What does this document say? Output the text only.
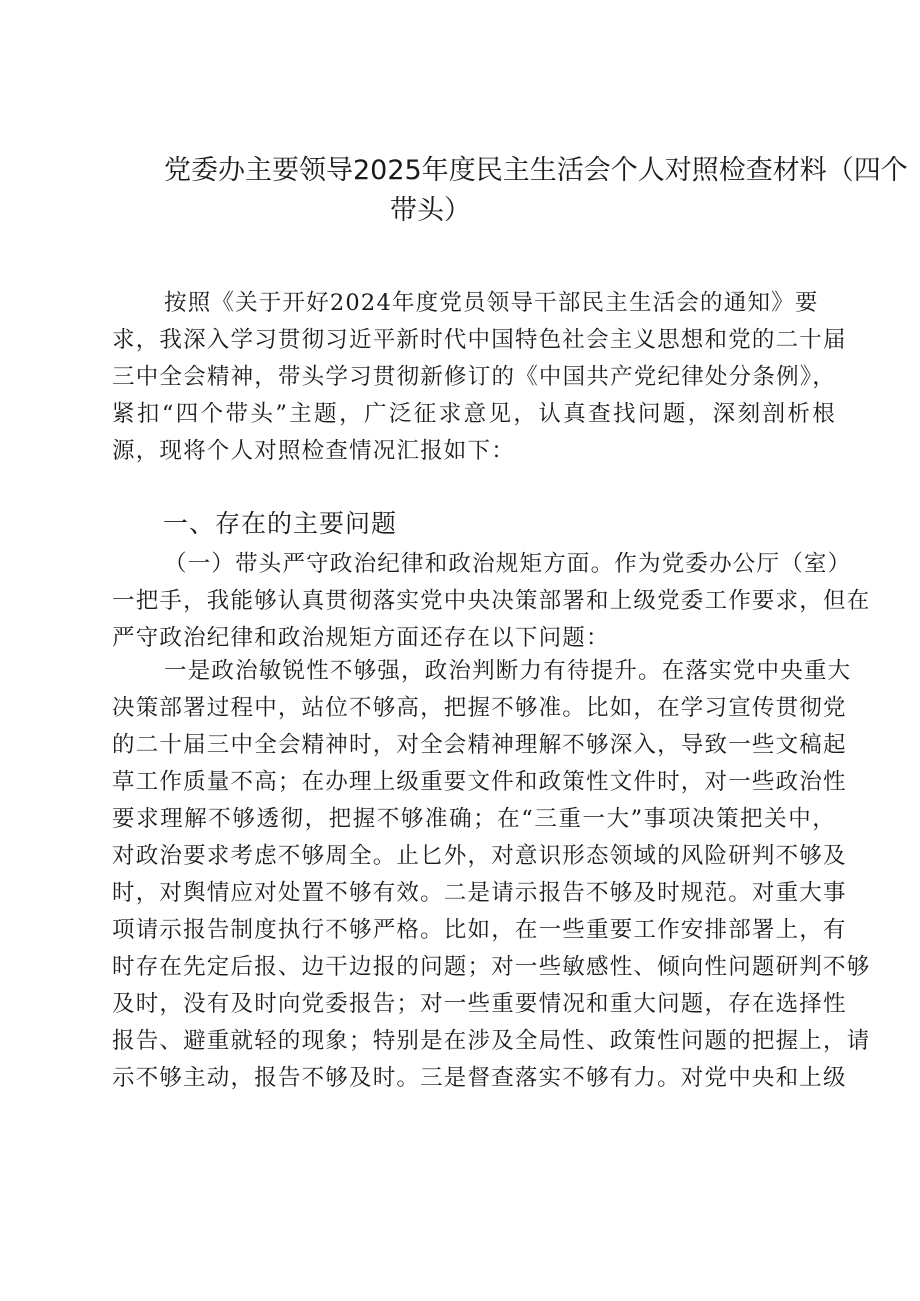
党委办主要领导2025年度民主生活会个人对照检查材料（四个
带头）
按照《关于开好2024年度党员领导干部民主生活会的通知》要
求，我深入学习贯彻习近平新时代中国特色社会主义思想和党的二十届
三中全会精神，带头学习贯彻新修订的《中国共产党纪律处分条例》，
紧扣“四个带头”主题，广泛征求意见，认真查找问题，深刻剖析根
源，现将个人对照检查情况汇报如下：
一、存在的主要问题
（一）带头严守政治纪律和政治规矩方面。作为党委办公厅（室）
一把手，我能够认真贯彻落实党中央决策部署和上级党委工作要求，但在
严守政治纪律和政治规矩方面还存在以下问题：
一是政治敏锐性不够强，政治判断力有待提升。在落实党中央重大
决策部署过程中，站位不够高，把握不够准。比如，在学习宣传贯彻党
的二十届三中全会精神时，对全会精神理解不够深入，导致一些文稿起
草工作质量不高；在办理上级重要文件和政策性文件时，对一些政治性
要求理解不够透彻，把握不够准确；在“三重一大”事项决策把关中，
对政治要求考虑不够周全。止匕外，对意识形态领域的风险研判不够及
时，对舆情应对处置不够有效。二是请示报告不够及时规范。对重大事
项请示报告制度执行不够严格。比如，在一些重要工作安排部署上，有
时存在先定后报、边干边报的问题；对一些敏感性、倾向性问题研判不够
及时，没有及时向党委报告；对一些重要情况和重大问题，存在选择性
报告、避重就轻的现象；特别是在涉及全局性、政策性问题的把握上，请
示不够主动，报告不够及时。三是督查落实不够有力。对党中央和上级
